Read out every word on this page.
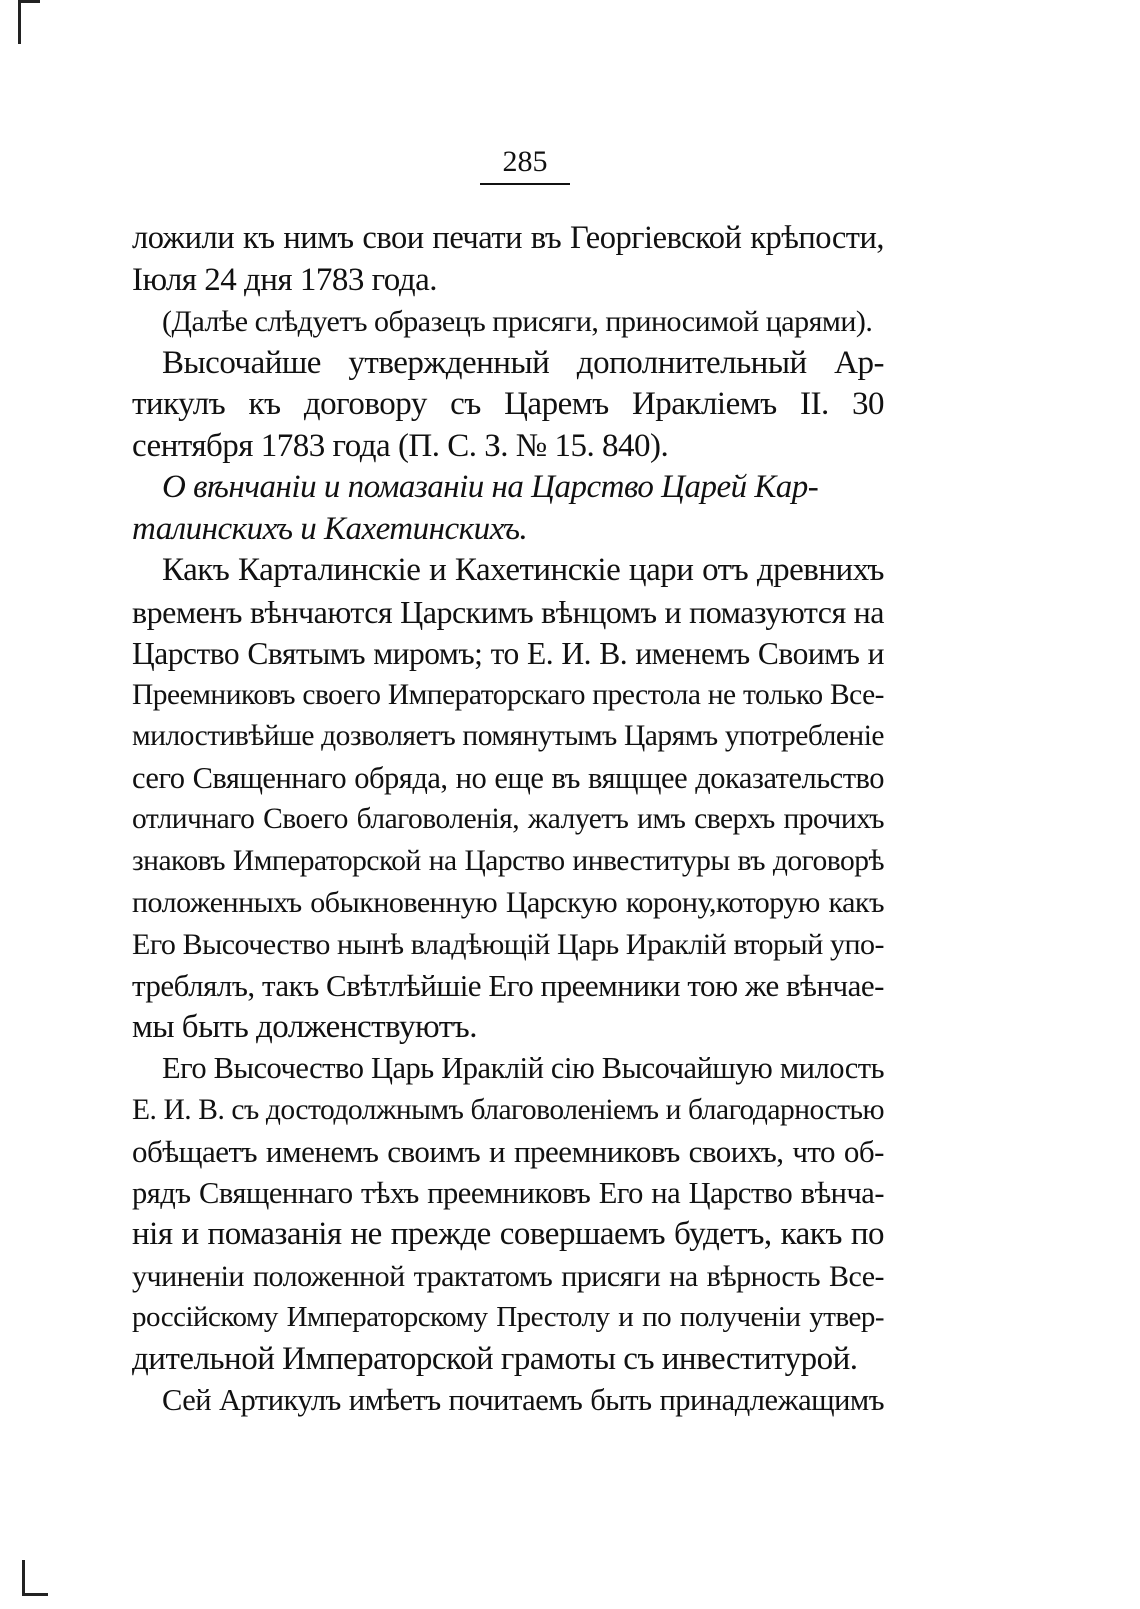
285
ложили къ нимъ свои печати въ Георгіевской крѣпости,
Іюля 24 дня 1783 года.
(Далѣе слѣдуетъ образецъ присяги, приносимой царями).
Высочайше утвержденный дополнительный Ар-
тикулъ къ договору съ Царемъ Иракліемъ II. 30
сентября 1783 года (П. С. З. № 15. 840).
О вѣнчаніи и помазаніи на Царство Царей Кар-
талинскихъ и Кахетинскихъ.
Какъ Карталинскіе и Кахетинскіе цари отъ древнихъ
временъ вѣнчаются Царскимъ вѣнцомъ и помазуются на
Царство Святымъ миромъ; то Е. И. В. именемъ Своимъ и
Преемниковъ своего Императорскаго престола не только Все-
милостивѣйше дозволяетъ помянутымъ Царямъ употребленіе
сего Священнаго обряда, но еще въ вящщее доказательство
отличнаго Своего благоволенія, жалуетъ имъ сверхъ прочихъ
знаковъ Императорской на Царство инвеституры въ договорѣ
положенныхъ обыкновенную Царскую корону,которую какъ
Его Высочество нынѣ владѣющій Царь Ираклій вторый упо-
треблялъ, такъ Свѣтлѣйшіе Его преемники тою же вѣнчае-
мы быть долженствуютъ.
Его Высочество Царь Ираклій сію Высочайшую милость
Е. И. В. съ достодолжнымъ благоволеніемъ и благодарностью
обѣщаетъ именемъ своимъ и преемниковъ своихъ, что об-
рядъ Священнаго тѣхъ преемниковъ Его на Царство вѣнча-
нія и помазанія не прежде совершаемъ будетъ, какъ по
учиненіи положенной трактатомъ присяги на вѣрность Все-
россійскому Императорскому Престолу и по полученіи утвер-
дительной Императорской грамоты съ инвеститурой.
Сей Артикулъ имѣетъ почитаемъ быть принадлежащимъ
